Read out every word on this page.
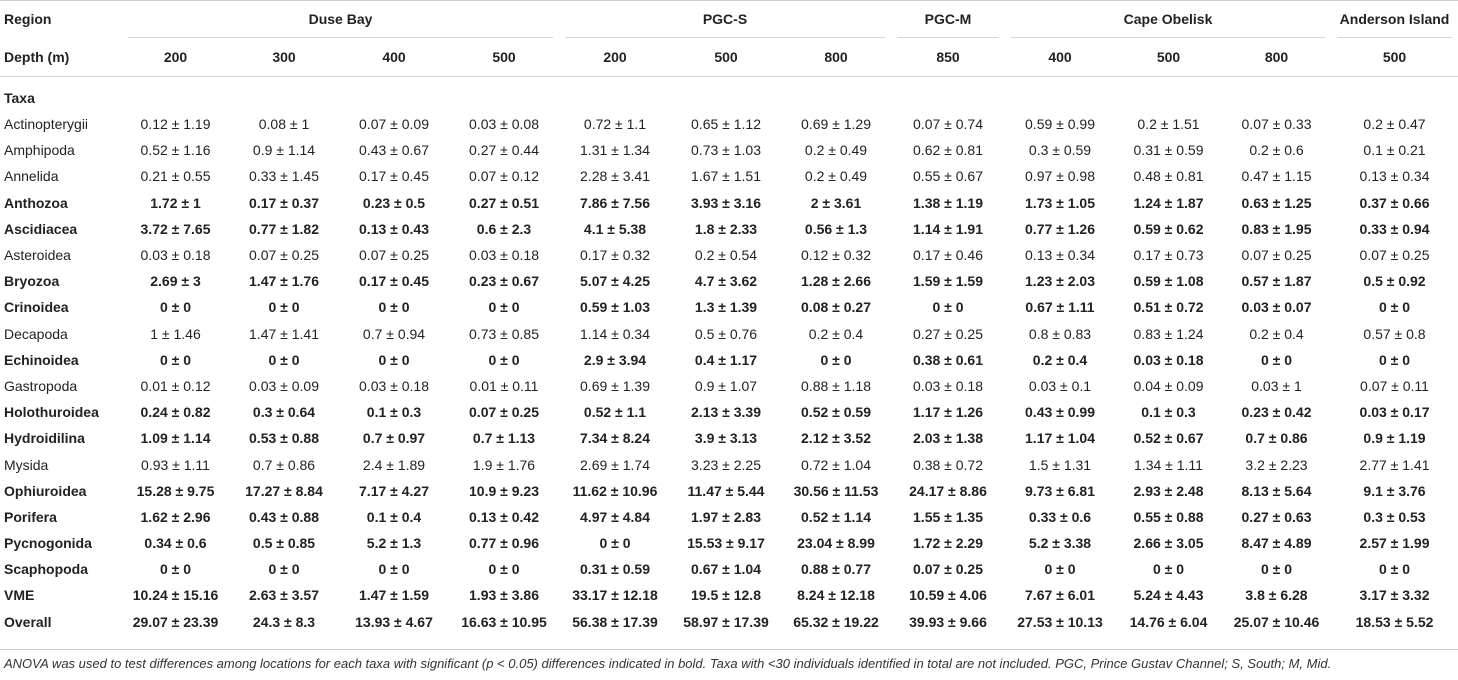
Region	Duse Bay				PGC-S			PGC-M	Cape Obelisk			Anderson Island

Depth (m)	200	300	400	500	200	500	800	850	400	500	800	500

Taxa												
Actinopterygii	0.12 ± 1.19	0.08 ± 1	0.07 ± 0.09	0.03 ± 0.08	0.72 ± 1.1	0.65 ± 1.12	0.69 ± 1.29	0.07 ± 0.74	0.59 ± 0.99	0.2 ± 1.51	0.07 ± 0.33	0.2 ± 0.47
Amphipoda	0.52 ± 1.16	0.9 ± 1.14	0.43 ± 0.67	0.27 ± 0.44	1.31 ± 1.34	0.73 ± 1.03	0.2 ± 0.49	0.62 ± 0.81	0.3 ± 0.59	0.31 ± 0.59	0.2 ± 0.6	0.1 ± 0.21
Annelida	0.21 ± 0.55	0.33 ± 1.45	0.17 ± 0.45	0.07 ± 0.12	2.28 ± 3.41	1.67 ± 1.51	0.2 ± 0.49	0.55 ± 0.67	0.97 ± 0.98	0.48 ± 0.81	0.47 ± 1.15	0.13 ± 0.34
Anthozoa	1.72 ± 1	0.17 ± 0.37	0.23 ± 0.5	0.27 ± 0.51	7.86 ± 7.56	3.93 ± 3.16	2 ± 3.61	1.38 ± 1.19	1.73 ± 1.05	1.24 ± 1.87	0.63 ± 1.25	0.37 ± 0.66
Ascidiacea	3.72 ± 7.65	0.77 ± 1.82	0.13 ± 0.43	0.6 ± 2.3	4.1 ± 5.38	1.8 ± 2.33	0.56 ± 1.3	1.14 ± 1.91	0.77 ± 1.26	0.59 ± 0.62	0.83 ± 1.95	0.33 ± 0.94
Asteroidea	0.03 ± 0.18	0.07 ± 0.25	0.07 ± 0.25	0.03 ± 0.18	0.17 ± 0.32	0.2 ± 0.54	0.12 ± 0.32	0.17 ± 0.46	0.13 ± 0.34	0.17 ± 0.73	0.07 ± 0.25	0.07 ± 0.25
Bryozoa	2.69 ± 3	1.47 ± 1.76	0.17 ± 0.45	0.23 ± 0.67	5.07 ± 4.25	4.7 ± 3.62	1.28 ± 2.66	1.59 ± 1.59	1.23 ± 2.03	0.59 ± 1.08	0.57 ± 1.87	0.5 ± 0.92
Crinoidea	0 ± 0	0 ± 0	0 ± 0	0 ± 0	0.59 ± 1.03	1.3 ± 1.39	0.08 ± 0.27	0 ± 0	0.67 ± 1.11	0.51 ± 0.72	0.03 ± 0.07	0 ± 0
Decapoda	1 ± 1.46	1.47 ± 1.41	0.7 ± 0.94	0.73 ± 0.85	1.14 ± 0.34	0.5 ± 0.76	0.2 ± 0.4	0.27 ± 0.25	0.8 ± 0.83	0.83 ± 1.24	0.2 ± 0.4	0.57 ± 0.8
Echinoidea	0 ± 0	0 ± 0	0 ± 0	0 ± 0	2.9 ± 3.94	0.4 ± 1.17	0 ± 0	0.38 ± 0.61	0.2 ± 0.4	0.03 ± 0.18	0 ± 0	0 ± 0
Gastropoda	0.01 ± 0.12	0.03 ± 0.09	0.03 ± 0.18	0.01 ± 0.11	0.69 ± 1.39	0.9 ± 1.07	0.88 ± 1.18	0.03 ± 0.18	0.03 ± 0.1	0.04 ± 0.09	0.03 ± 1	0.07 ± 0.11
Holothuroidea	0.24 ± 0.82	0.3 ± 0.64	0.1 ± 0.3	0.07 ± 0.25	0.52 ± 1.1	2.13 ± 3.39	0.52 ± 0.59	1.17 ± 1.26	0.43 ± 0.99	0.1 ± 0.3	0.23 ± 0.42	0.03 ± 0.17
Hydroidilina	1.09 ± 1.14	0.53 ± 0.88	0.7 ± 0.97	0.7 ± 1.13	7.34 ± 8.24	3.9 ± 3.13	2.12 ± 3.52	2.03 ± 1.38	1.17 ± 1.04	0.52 ± 0.67	0.7 ± 0.86	0.9 ± 1.19
Mysida	0.93 ± 1.11	0.7 ± 0.86	2.4 ± 1.89	1.9 ± 1.76	2.69 ± 1.74	3.23 ± 2.25	0.72 ± 1.04	0.38 ± 0.72	1.5 ± 1.31	1.34 ± 1.11	3.2 ± 2.23	2.77 ± 1.41
Ophiuroidea	15.28 ± 9.75	17.27 ± 8.84	7.17 ± 4.27	10.9 ± 9.23	11.62 ± 10.96	11.47 ± 5.44	30.56 ± 11.53	24.17 ± 8.86	9.73 ± 6.81	2.93 ± 2.48	8.13 ± 5.64	9.1 ± 3.76
Porifera	1.62 ± 2.96	0.43 ± 0.88	0.1 ± 0.4	0.13 ± 0.42	4.97 ± 4.84	1.97 ± 2.83	0.52 ± 1.14	1.55 ± 1.35	0.33 ± 0.6	0.55 ± 0.88	0.27 ± 0.63	0.3 ± 0.53
Pycnogonida	0.34 ± 0.6	0.5 ± 0.85	5.2 ± 1.3	0.77 ± 0.96	0 ± 0	15.53 ± 9.17	23.04 ± 8.99	1.72 ± 2.29	5.2 ± 3.38	2.66 ± 3.05	8.47 ± 4.89	2.57 ± 1.99
Scaphopoda	0 ± 0	0 ± 0	0 ± 0	0 ± 0	0.31 ± 0.59	0.67 ± 1.04	0.88 ± 0.77	0.07 ± 0.25	0 ± 0	0 ± 0	0 ± 0	0 ± 0
VME	10.24 ± 15.16	2.63 ± 3.57	1.47 ± 1.59	1.93 ± 3.86	33.17 ± 12.18	19.5 ± 12.8	8.24 ± 12.18	10.59 ± 4.06	7.67 ± 6.01	5.24 ± 4.43	3.8 ± 6.28	3.17 ± 3.32
Overall	29.07 ± 23.39	24.3 ± 8.3	13.93 ± 4.67	16.63 ± 10.95	56.38 ± 17.39	58.97 ± 17.39	65.32 ± 19.22	39.93 ± 9.66	27.53 ± 10.13	14.76 ± 6.04	25.07 ± 10.46	18.53 ± 5.52
ANOVA was used to test differences among locations for each taxa with significant (p < 0.05) differences indicated in bold. Taxa with <30 individuals identified in total are not included. PGC, Prince Gustav Channel; S, South; M, Mid.
